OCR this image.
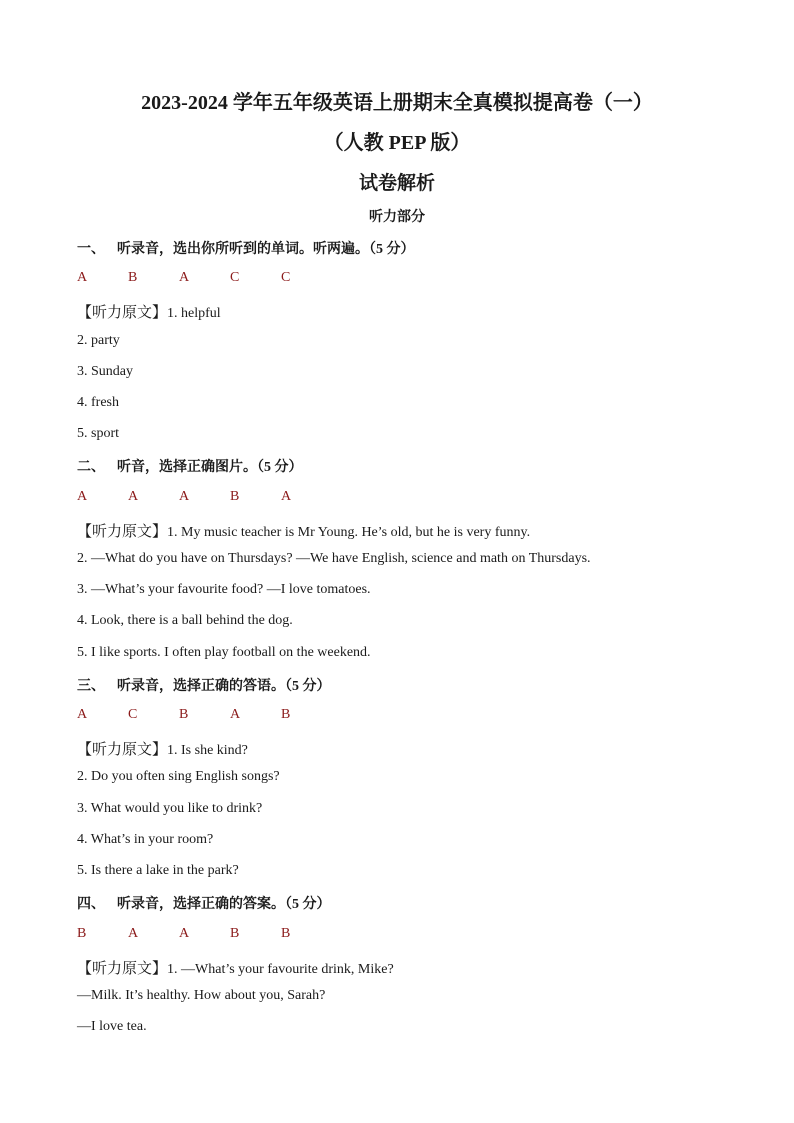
2023-2024 学年五年级英语上册期末全真模拟提高卷（一）
（人教 PEP 版）
试卷解析
听力部分
一、 听录音，选出你所听到的单词。听两遍。（5 分）
A	B	A	C	C
【听力原文】1. helpful
2. party
3. Sunday
4. fresh
5. sport
二、 听音，选择正确图片。（5 分）
A	A	A	B	A
【听力原文】1. My music teacher is Mr Young. He’s old, but he is very funny.
2. —What do you have on Thursdays? —We have English, science and math on Thursdays.
3. —What’s your favourite food? —I love tomatoes.
4. Look, there is a ball behind the dog.
5. I like sports. I often play football on the weekend.
三、 听录音，选择正确的答语。（5 分）
A	C	B	A	B
【听力原文】1. Is she kind?
2. Do you often sing English songs?
3. What would you like to drink?
4. What’s in your room?
5. Is there a lake in the park?
四、 听录音，选择正确的答案。（5 分）
B	A	A	B	B
【听力原文】1. —What’s your favourite drink, Mike?
—Milk. It’s healthy. How about you, Sarah?
—I love tea.
